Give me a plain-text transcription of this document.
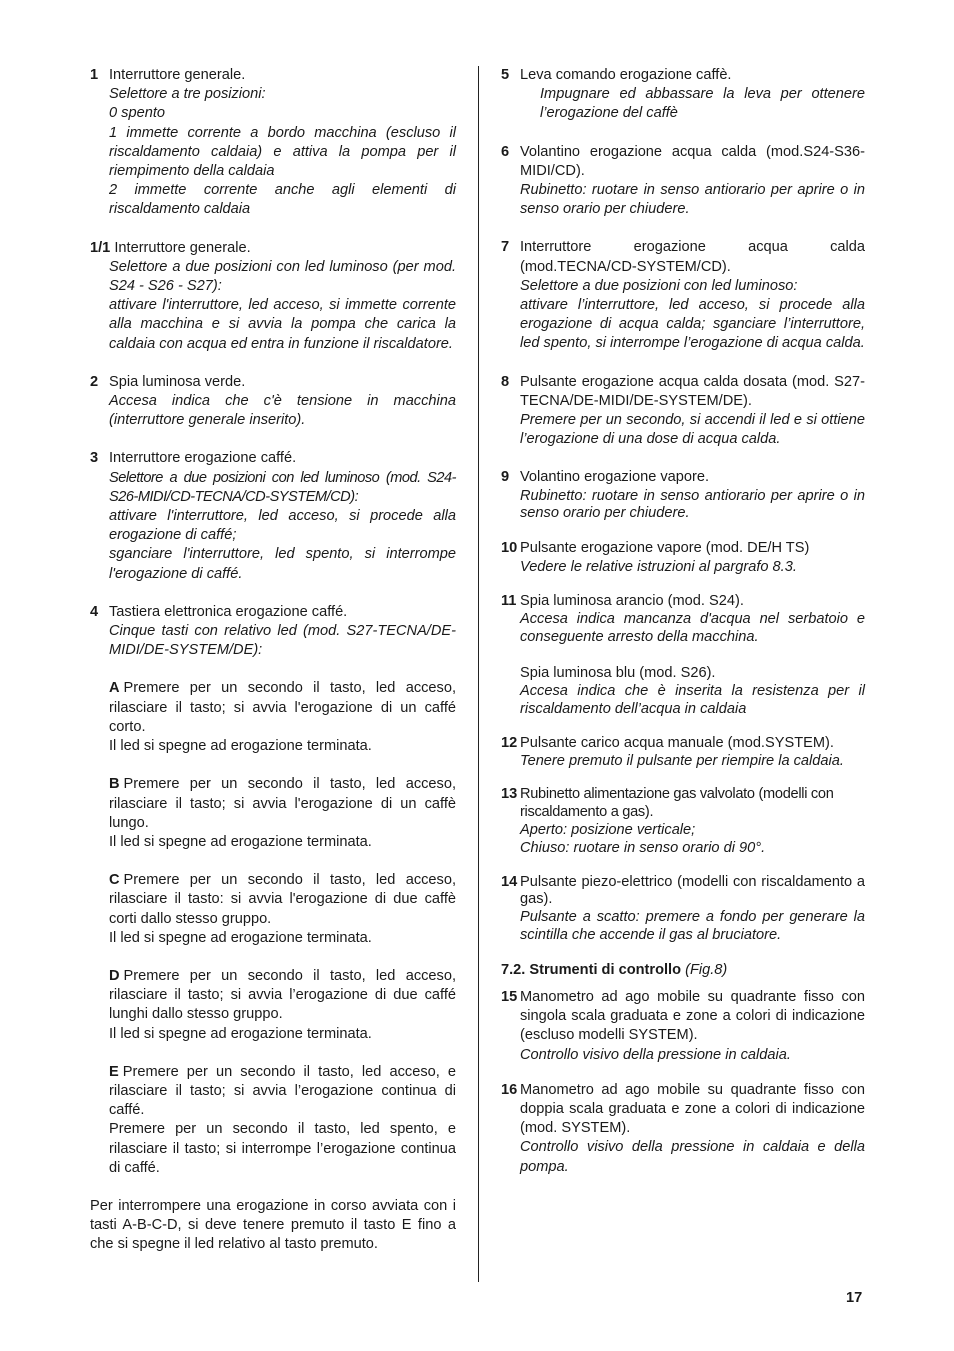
1 Interruttore generale.
Selettore a tre posizioni:
0 spento
1 immette corrente a bordo macchina (escluso il riscaldamento caldaia) e attiva la pompa per il riempimento della caldaia
2 immette corrente anche agli elementi di riscaldamento caldaia
1/1 Interruttore generale.
Selettore a due posizioni con led luminoso (per mod. S24 - S26 - S27):
attivare l'interruttore, led acceso, si immette corrente alla macchina e si avvia la pompa che carica la caldaia con acqua ed entra in funzione il riscaldatore.
2 Spia luminosa verde.
Accesa indica che c'è tensione in macchina (interruttore generale inserito).
3 Interruttore erogazione caffé.
Selettore a due posizioni con led luminoso (mod. S24-S26-MIDI/CD-TECNA/CD-SYSTEM/CD):
attivare l'interruttore, led acceso, si procede alla erogazione di caffé;
sganciare l'interruttore, led spento, si interrompe l'erogazione di caffé.
4 Tastiera elettronica erogazione caffé.
Cinque tasti con relativo led (mod. S27-TECNA/DE-MIDI/DE-SYSTEM/DE):
A Premere per un secondo il tasto, led acceso, rilasciare il tasto; si avvia l'erogazione di un caffé corto.
Il led si spegne ad erogazione terminata.
B Premere per un secondo il tasto, led acceso, rilasciare il tasto; si avvia l'erogazione di un caffè lungo.
Il led si spegne ad erogazione terminata.
C Premere per un secondo il tasto, led acceso, rilasciare il tasto: si avvia l'erogazione di due caffè corti dallo stesso gruppo.
Il led si spegne ad erogazione terminata.
D Premere per un secondo il tasto, led acceso, rilasciare il tasto; si avvia l’erogazione di due caffé lunghi dallo stesso gruppo.
Il led si spegne ad erogazione terminata.
E Premere per un secondo il tasto, led acceso, e rilasciare il tasto; si avvia l’erogazione continua di caffé.
Premere per un secondo il tasto, led spento, e rilasciare il tasto; si interrompe l’erogazione continua di caffé.
Per interrompere una erogazione in corso avviata con i tasti A-B-C-D, si deve tenere premuto il tasto E fino a che si spegne il led relativo al tasto premuto.
5 Leva comando erogazione caffè.
Impugnare ed abbassare la leva per ottenere l’erogazione del caffè
6 Volantino erogazione acqua calda (mod.S24-S36-MIDI/CD).
Rubinetto: ruotare in senso antiorario per aprire o in senso orario per chiudere.
7 Interruttore erogazione acqua calda (mod.TECNA/CD-SYSTEM/CD).
Selettore a due posizioni con led luminoso:
attivare l’interruttore, led acceso, si procede alla erogazione di acqua calda; sganciare l’interruttore, led spento, si interrompe l’erogazione di acqua calda.
8 Pulsante erogazione acqua calda dosata (mod. S27-TECNA/DE-MIDI/DE-SYSTEM/DE).
Premere per un secondo, si accendi il led e si ottiene l’erogazione di una dose di acqua calda.
9 Volantino erogazione vapore.
Rubinetto: ruotare in senso antiorario per aprire o in senso orario per chiudere.
10 Pulsante erogazione vapore (mod. DE/H TS)
Vedere le relative istruzioni al pargrafo 8.3.
11 Spia luminosa arancio (mod. S24).
Accesa indica mancanza d'acqua nel serbatoio e conseguente arresto della macchina.
Spia luminosa blu (mod. S26).
Accesa indica che è inserita la resistenza per il riscaldamento dell’acqua in caldaia
12 Pulsante carico acqua manuale (mod.SYSTEM).
Tenere premuto il pulsante per riempire la caldaia.
13 Rubinetto alimentazione gas valvolato (modelli con riscaldamento a gas).
Aperto: posizione verticale;
Chiuso: ruotare in senso orario di 90°.
14 Pulsante piezo-elettrico (modelli con riscaldamento a gas).
Pulsante a scatto: premere a fondo per generare la scintilla che accende il gas al bruciatore.
7.2. Strumenti di controllo (Fig.8)
15 Manometro ad ago mobile su quadrante fisso con singola scala graduata e zone a colori di indicazione (escluso modelli SYSTEM).
Controllo visivo della pressione in caldaia.
16 Manometro ad ago mobile su quadrante fisso con doppia scala graduata e zone a colori di indicazione (mod. SYSTEM).
Controllo visivo della pressione in caldaia e della pompa.
17
